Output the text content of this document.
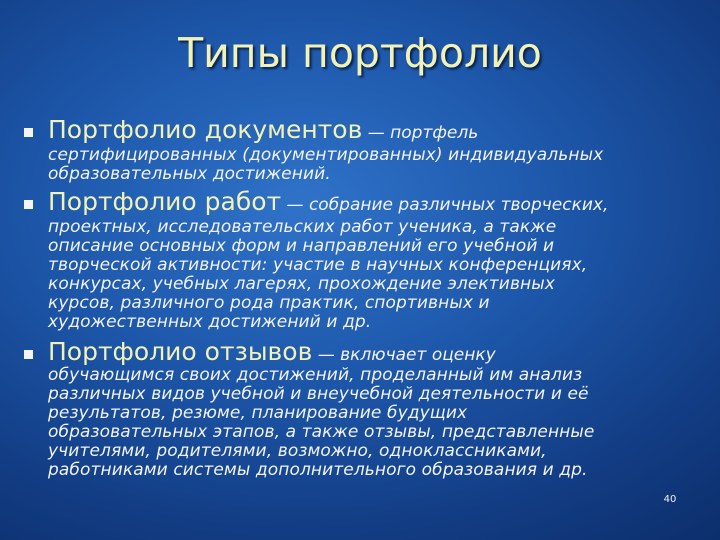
Типы портфолио
Портфолио документов — портфель
сертифицированных (документированных) индивидуальных
образовательных достижений.
Портфолио работ — собрание различных творческих,
проектных, исследовательских работ ученика, а также
описание основных форм и направлений его учебной и
творческой активности: участие в научных конференциях,
конкурсах, учебных лагерях, прохождение элективных
курсов, различного рода практик, спортивных и
художественных достижений и др.
Портфолио отзывов — включает оценку
обучающимся своих достижений, проделанный им анализ
различных видов учебной и внеучебной деятельности и её
результатов, резюме, планирование будущих
образовательных этапов, а также отзывы, представленные
учителями, родителями, возможно, одноклассниками,
работниками системы дополнительного образования и др.
40
